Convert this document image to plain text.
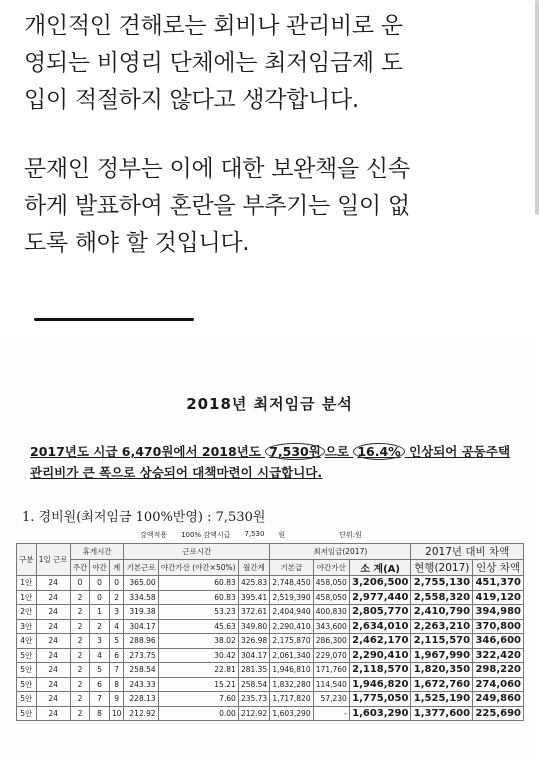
개인적인 견해로는 회비나 관리비로 운

영되는 비영리 단체에는 최저임금제 도

입이 적절하지 않다고 생각합니다.

문재인 정부는 이에 대한 보완책을 신속

하게 발표하여 혼란을 부추기는 일이 없

도록 해야 할 것입니다.

2018년 최저임금 분석
2017년도 시급 6,470원에서 2018년도 7,530원 으로 16.4% 인상되어 공동주택
관리비가 큰 폭으로 상승되어 대책마련이 시급합니다.
1. 경비원(최저임금 100%반영) : 7,530원
강액적용 100% 감액시급 7,530 원	단위:원
구분	1일 근로	휴게시간			근로시간			최저임금(2017)			2017년 대비 차액	
		주간	야간	계	기본근로	야간가산 (야간×50%)	월간계	기본급	야간가산	소 계(A)	현행(2017)	인상 차액
1안	24	0	0	0	365.00	60.83	425.83	2,748,450	458,050	3,206,500	2,755,130	451,370
1안	24	2	0	2	334.58	60.83	395.41	2,519,390	458,050	2,977,440	2,558,320	419,120
2안	24	2	1	3	319.38	53.23	372.61	2,404,940	400,830	2,805,770	2,410,790	394,980
3안	24	2	2	4	304.17	45.63	349.80	2,290,410	343,600	2,634,010	2,263,210	370,800
4안	24	2	3	5	288.96	38.02	326.98	2,175,870	286,300	2,462,170	2,115,570	346,600
5안	24	2	4	6	273.75	30.42	304.17	2,061,340	229,070	2,290,410	1,967,990	322,420
5안	24	2	5	7	258.54	22.81	281.35	1,946,810	171,760	2,118,570	1,820,350	298,220
5안	24	2	6	8	243.33	15.21	258.54	1,832,280	114,540	1,946,820	1,672,760	274,060
5안	24	2	7	9	228.13	7.60	235.73	1,717,820	57,230	1,775,050	1,525,190	249,860
5안	24	2	8	10	212.92	0.00	212.92	1,603,290	-	1,603,290	1,377,600	225,690
